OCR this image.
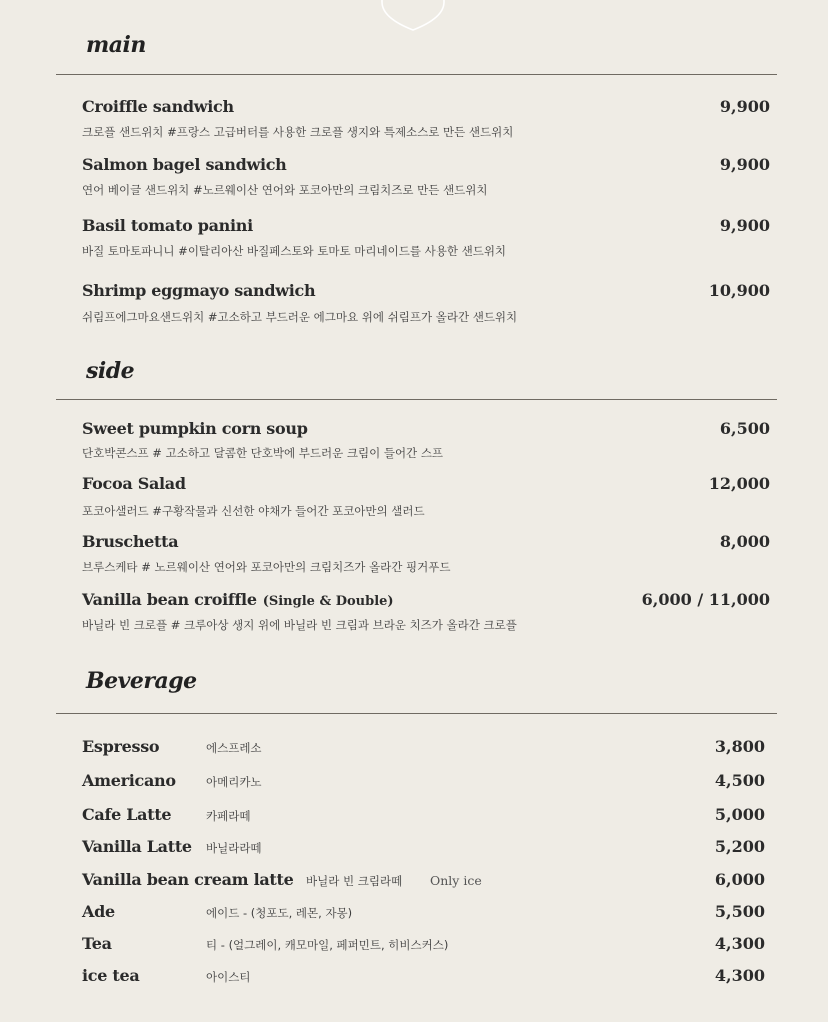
main
Croiffle sandwich	9,900
크로플 샌드위치 #프랑스 고급버터를 사용한 크로플 생지와 특제소스로 만든 샌드위치
Salmon bagel sandwich	9,900
연어 베이글 샌드위치 #노르웨이산 연어와 포코아만의 크림치즈로 만든 샌드위치
Basil tomato panini	9,900
바질 토마토파니니 #이탈리아산 바질페스토와 토마토 마리네이드를 사용한 샌드위치
Shrimp eggmayo sandwich	10,900
쉬림프에그마요샌드위치 #고소하고 부드러운 에그마요 위에 쉬림프가 올라간 샌드위치
side
Sweet pumpkin corn soup	6,500
단호박콘스프 # 고소하고 달콤한 단호박에 부드러운 크림이 들어간 스프
Focoa Salad	12,000
포코아샐러드 #구황작물과 신선한 야채가 들어간 포코아만의 샐러드
Bruschetta	8,000
브루스케타 # 노르웨이산 연어와 포코아만의 크림치즈가 올라간 핑거푸드
Vanilla bean croiffle (Single & Double)	6,000 / 11,000
바닐라 빈 크로플 # 크루아상 생지 위에 바닐라 빈 크림과 브라운 치즈가 올라간 크로플
Beverage
Espresso	에스프레소	3,800
Americano	아메리카노	4,500
Cafe Latte	카페라떼	5,000
Vanilla Latte 바닐라라떼	5,200
Vanilla bean cream latte 바닐라 빈 크림라떼 Only ice	6,000
Ade	에이드 - (청포도, 레몬, 자몽)	5,500
Tea	티 - (얼그레이, 캐모마일, 페퍼민트, 히비스커스)	4,300
ice tea	아이스티	4,300
